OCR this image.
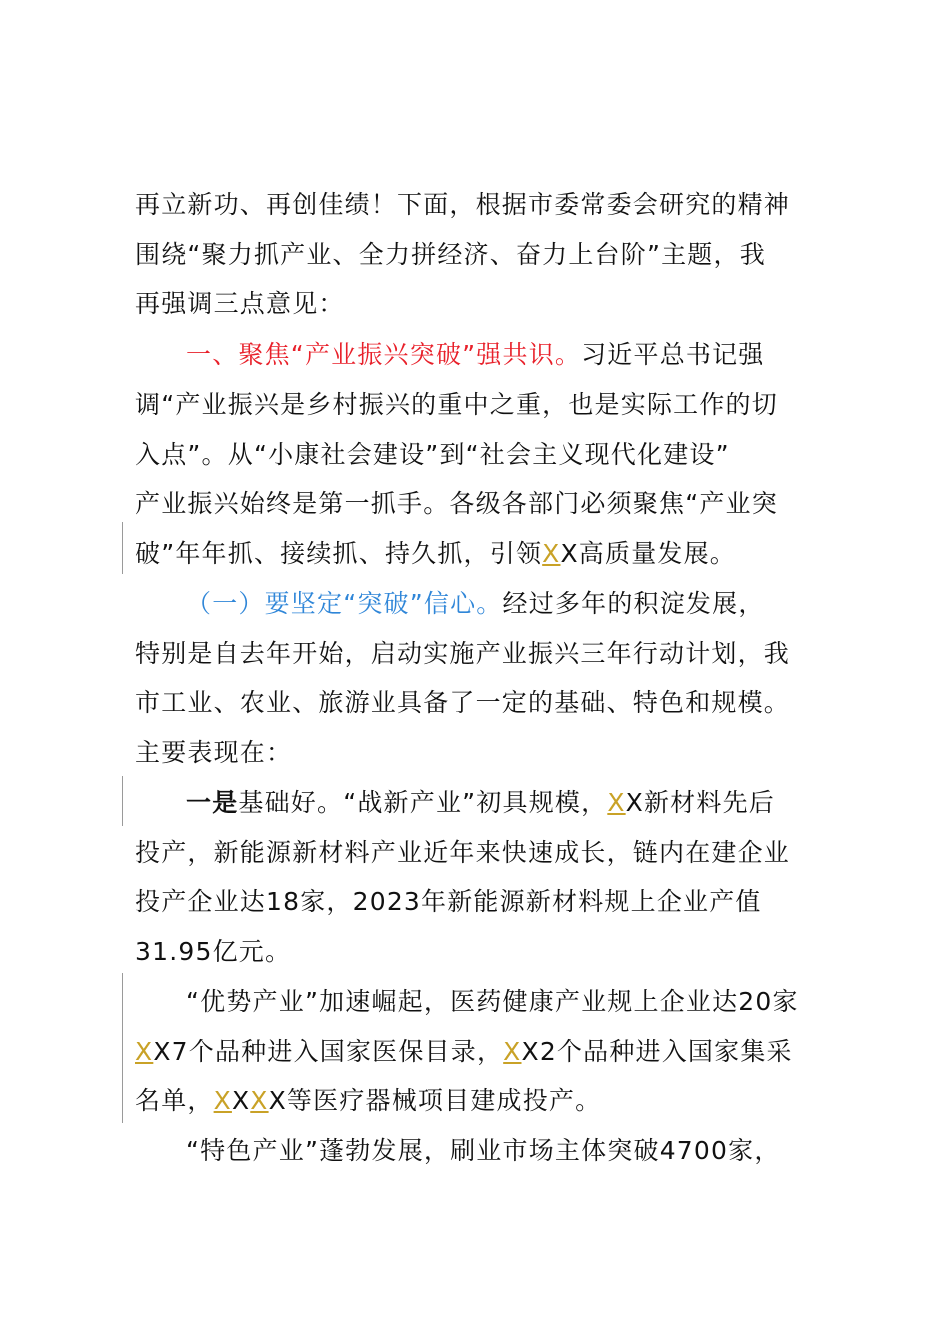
再立新功、再创佳绩！下面，根据市委常委会研究的精神
围绕“聚力抓产业、全力拼经济、奋力上台阶”主题，我
再强调三点意见：
一、聚焦“产业振兴突破”强共识。习近平总书记强
调“产业振兴是乡村振兴的重中之重，也是实际工作的切
入点”。从“小康社会建设”到“社会主义现代化建设”
产业振兴始终是第一抓手。各级各部门必须聚焦“产业突
破”年年抓、接续抓、持久抓，引领XX高质量发展。
（一）要坚定“突破”信心。经过多年的积淀发展，
特别是自去年开始，启动实施产业振兴三年行动计划，我
市工业、农业、旅游业具备了一定的基础、特色和规模。
主要表现在：
一是基础好。“战新产业”初具规模，XX新材料先后
投产，新能源新材料产业近年来快速成长，链内在建企业
投产企业达18家，2023年新能源新材料规上企业产值
31.95亿元。
“优势产业”加速崛起，医药健康产业规上企业达20家
XX7个品种进入国家医保目录，XX2个品种进入国家集采
名单，XXXX等医疗器械项目建成投产。
“特色产业”蓬勃发展，刷业市场主体突破4700家，
